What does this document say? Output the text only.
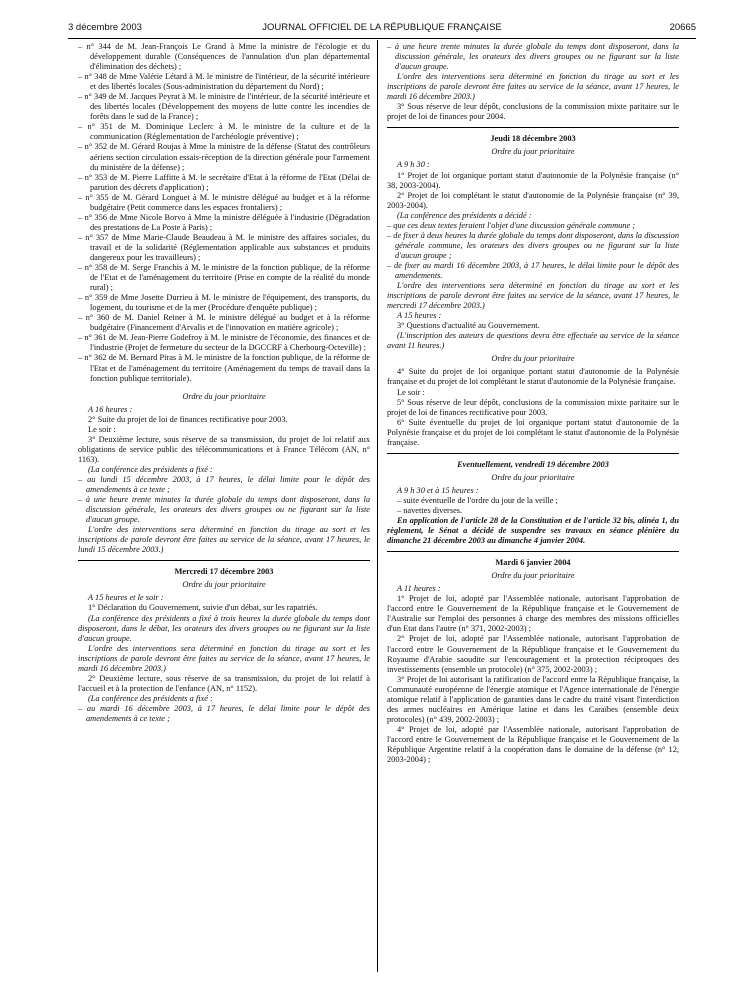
3 décembre 2003	JOURNAL OFFICIEL DE LA RÉPUBLIQUE FRANÇAISE	20665

– n° 344 de M. Jean-François Le Grand à Mme la ministre de l'écologie et du développement durable (Conséquences de l'annulation d'un plan départemental d'élimination des déchets) ;

– n° 348 de Mme Valérie Létard à M. le ministre de l'intérieur, de la sécurité intérieure et des libertés locales (Sous-administration du département du Nord) ;

– n° 349 de M. Jacques Peyrat à M. le ministre de l'intérieur, de la sécurité intérieure et des libertés locales (Développement des moyens de lutte contre les incendies de forêts dans le sud de la France) ;

– n° 351 de M. Dominique Leclerc à M. le ministre de la culture et de la communication (Réglementation de l'archéologie préventive) ;

– n° 352 de M. Gérard Roujas à Mme la ministre de la défense (Statut des contrôleurs aériens section circulation essais-réception de la direction générale pour l'armement du ministère de la défense) ;

– n° 353 de M. Pierre Laffitte à M. le secrétaire d'Etat à la réforme de l'Etat (Délai de parution des décrets d'application) ;

– n° 355 de M. Gérard Longuet à M. le ministre délégué au budget et à la réforme budgétaire (Petit commerce dans les espaces frontaliers) ;

– n° 356 de Mme Nicole Borvo à Mme la ministre déléguée à l'industrie (Dégradation des prestations de La Poste à Paris) ;

– n° 357 de Mme Marie-Claude Beaudeau à M. le ministre des affaires sociales, du travail et de la solidarité (Réglementation applicable aux substances et produits dangereux pour les travailleurs) ;

– n° 358 de M. Serge Franchis à M. le ministre de la fonction publique, de la réforme de l'Etat et de l'aménagement du territoire (Prise en compte de la réalité du monde rural) ;

– n° 359 de Mme Josette Durrieu à M. le ministre de l'équipement, des transports, du logement, du tourisme et de la mer (Procédure d'enquête publique) ;

– n° 360 de M. Daniel Reiner à M. le ministre délégué au budget et à la réforme budgétaire (Financement d'Arvalis et de l'innovation en matière agricole) ;

– n° 361 de M. Jean-Pierre Godefroy à M. le ministre de l'économie, des finances et de l'industrie (Projet de fermeture du secteur de la DGCCRF à Cherbourg-Octeville) ;

– n° 362 de M. Bernard Piras à M. le ministre de la fonction publique, de la réforme de l'Etat et de l'aménagement du territoire (Aménagement du temps de travail dans la fonction publique territoriale).

Ordre du jour prioritaire

A 16 heures :

2° Suite du projet de loi de finances rectificative pour 2003.

Le soir :

3° Deuxième lecture, sous réserve de sa transmission, du projet de loi relatif aux obligations de service public des télécommunications et à France Télécom (AN, n° 1163).

(La conférence des présidents a fixé :

– au lundi 15 décembre 2003, à 17 heures, le délai limite pour le dépôt des amendements à ce texte ;

– à une heure trente minutes la durée globale du temps dont disposeront, dans la discussion générale, les orateurs des divers groupes ou ne figurant sur la liste d'aucun groupe.

L'ordre des interventions sera déterminé en fonction du tirage au sort et les inscriptions de parole devront être faites au service de la séance, avant 17 heures, le lundi 15 décembre 2003.)

Mercredi 17 décembre 2003

Ordre du jour prioritaire

A 15 heures et le soir :

1° Déclaration du Gouvernement, suivie d'un débat, sur les rapatriés.

(La conférence des présidents a fixé à trois heures la durée globale du temps dont disposeront, dans le débat, les orateurs des divers groupes ou ne figurant sur la liste d'aucun groupe.

L'ordre des interventions sera déterminé en fonction du tirage au sort et les inscriptions de parole devront être faites au service de la séance, avant 17 heures, le mardi 16 décembre 2003.)

2° Deuxième lecture, sous réserve de sa transmission, du projet de loi relatif à l'accueil et à la protection de l'enfance (AN, n° 1152).

(La conférence des présidents a fixé :

– au mardi 16 décembre 2003, à 17 heures, le délai limite pour le dépôt des amendements à ce texte ;

– à une heure trente minutes la durée globale du temps dont disposeront, dans la discussion générale, les orateurs des divers groupes ou ne figurant sur la liste d'aucun groupe.

L'ordre des interventions sera déterminé en fonction du tirage au sort et les inscriptions de parole devront être faites au service de la séance, avant 17 heures, le mardi 16 décembre 2003.)

3° Sous réserve de leur dépôt, conclusions de la commission mixte paritaire sur le projet de loi de finances pour 2004.

Jeudi 18 décembre 2003

Ordre du jour prioritaire

A 9 h 30 :

1° Projet de loi organique portant statut d'autonomie de la Polynésie française (n° 38, 2003-2004).

2° Projet de loi complétant le statut d'autonomie de la Polynésie française (n° 39, 2003-2004).

(La conférence des présidents a décidé :

– que ces deux textes feraient l'objet d'une discussion générale commune ;

– de fixer à deux heures la durée globale du temps dont disposeront, dans la discussion générale commune, les orateurs des divers groupes ou ne figurant sur la liste d'aucun groupe ;

– de fixer au mardi 16 décembre 2003, à 17 heures, le délai limite pour le dépôt des amendements.

L'ordre des interventions sera déterminé en fonction du tirage au sort et les inscriptions de parole devront être faites au service de la séance, avant 17 heures, le mercredi 17 décembre 2003.)

A 15 heures :

3° Questions d'actualité au Gouvernement.

(L'inscription des auteurs de questions devra être effectuée au service de la séance avant 11 heures.)

Ordre du jour prioritaire

4° Suite du projet de loi organique portant statut d'autonomie de la Polynésie française et du projet de loi complétant le statut d'autonomie de la Polynésie française.

Le soir :

5° Sous réserve de leur dépôt, conclusions de la commission mixte paritaire sur le projet de loi de finances rectificative pour 2003.

6° Suite éventuelle du projet de loi organique portant statut d'autonomie de la Polynésie française et du projet de loi complétant le statut d'autonomie de la Polynésie française.

Eventuellement, vendredi 19 décembre 2003

Ordre du jour prioritaire

A 9 h 30 et à 15 heures :

– suite éventuelle de l'ordre du jour de la veille ;

– navettes diverses.

En application de l'article 28 de la Constitution et de l'article 32 bis, alinéa 1, du règlement, le Sénat a décidé de suspendre ses travaux en séance plénière du dimanche 21 décembre 2003 au dimanche 4 janvier 2004.

Mardi 6 janvier 2004

Ordre du jour prioritaire

A 11 heures :

1° Projet de loi, adopté par l'Assemblée nationale, autorisant l'approbation de l'accord entre le Gouvernement de la République française et le Gouvernement de l'Australie sur l'emploi des personnes à charge des membres des missions officielles d'un Etat dans l'autre (n° 371, 2002-2003) ;

2° Projet de loi, adopté par l'Assemblée nationale, autorisant l'approbation de l'accord entre le Gouvernement de la République française et le Gouvernement du Royaume d'Arabie saoudite sur l'encouragement et la protection réciproques des investissements (ensemble un protocole) (n° 375, 2002-2003) ;

3° Projet de loi autorisant la ratification de l'accord entre la République française, la Communauté européenne de l'énergie atomique et l'Agence internationale de l'énergie atomique relatif à l'application de garanties dans le cadre du traité visant l'interdiction des armes nucléaires en Amérique latine et dans les Caraïbes (ensemble deux protocoles) (n° 439, 2002-2003) ;

4° Projet de loi, adopté par l'Assemblée nationale, autorisant l'approbation de l'accord entre le Gouvernement de la République française et le Gouvernement de la République Argentine relatif à la coopération dans le domaine de la défense (n° 12, 2003-2004) ;
